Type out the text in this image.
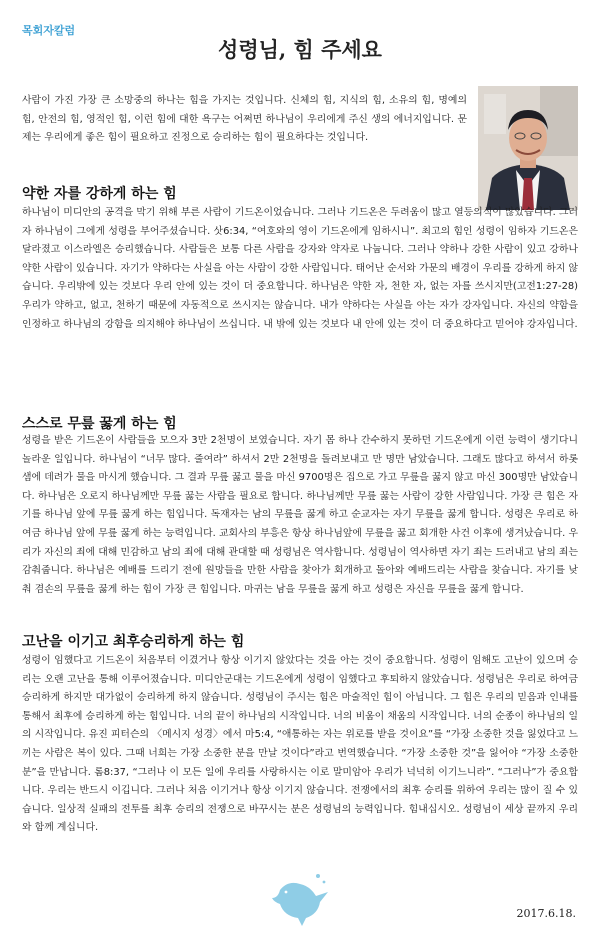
목회자칼럼
성령님, 힘 주세요

사람이 가진 가장 큰 소망중의 하나는 힘을 가지는 것입니다. 신체의 힘, 지식의 힘, 소유의 힘, 명예의 힘, 안전의 힘, 영적인 힘, 이런 힘에 대한 욕구는 어쩌면 하나님이 우리에게 주신 생의 에너지입니다. 문제는 우리에게 좋은 힘이 필요하고 진정으로 승리하는 힘이 필요하다는 것입니다.

약한 자를 강하게 하는 힘

하나님이 미디안의 공격을 막기 위해 부른 사람이 기드온이었습니다. 그러나 기드온은 두려움이 많고 열등의식이 많았습니다. 그러자 하나님이 그에게 성령을 부어주셨습니다. 삿6:34, “여호와의 영이 기드온에게 임하시니”. 최고의 힘인 성령이 임하자 기드온은 달라졌고 이스라엘은 승리했습니다. 사람들은 보통 다른 사람을 강자와 약자로 나눕니다. 그러나 약하나 강한 사람이 있고 강하나 약한 사람이 있습니다. 자기가 약하다는 사실을 아는 사람이 강한 사람입니다. 태어난 순서와 가문의 배경이 우리를 강하게 하지 않습니다. 우리밖에 있는 것보다 우리 안에 있는 것이 더 중요합니다. 하나님은 약한 자, 천한 자, 없는 자를 쓰시지만(고전1:27-28) 우리가 약하고, 없고, 천하기 때문에 자동적으로 쓰시지는 않습니다. 내가 약하다는 사실을 아는 자가 강자입니다. 자신의 약함을 인정하고 하나님의 강함을 의지해야 하나님이 쓰십니다. 내 밖에 있는 것보다 내 안에 있는 것이 더 중요하다고 믿어야 강자입니다.

스스로 무릎 꿇게 하는 힘

성령을 받은 기드온이 사람들을 모으자 3만 2천명이 보였습니다. 자기 몸 하나 간수하지 못하던 기드온에게 이런 능력이 생기다니 놀라운 일입니다. 하나님이 “너무 많다. 줄여라” 하셔서 2만 2천명을 돌려보내고 만 명만 남았습니다. 그래도 많다고 하셔서 하롯 샘에 데려가 물을 마시게 했습니다. 그 결과 무릎 꿇고 물을 마신 9700명은 집으로 가고 무릎을 꿇지 않고 마신 300명만 남았습니다. 하나님은 오로지 하나님께만 무릎 꿇는 사람을 필요로 합니다. 하나님께만 무릎 꿇는 사람이 강한 사람입니다. 가장 큰 힘은 자기를 하나님 앞에 무릎 꿇게 하는 힘입니다. 독재자는 남의 무릎을 꿇게 하고 순교자는 자기 무릎을 꿇게 합니다. 성령은 우리로 하여금 하나님 앞에 무릎 꿇게 하는 능력입니다. 교회사의 부흥은 항상 하나님앞에 무릎을 꿇고 회개한 사건 이후에 생겨났습니다. 우리가 자신의 죄에 대해 민감하고 남의 죄에 대해 관대할 때 성령님은 역사합니다. 성령님이 역사하면 자기 죄는 드러내고 남의 죄는 감춰줍니다. 하나님은 예배를 드리기 전에 원망들을 만한 사람을 찾아가 회개하고 돌아와 예배드리는 사람을 찾습니다. 자기를 낮춰 겸손의 무릎을 꿇게 하는 힘이 가장 큰 힘입니다. 마귀는 남을 무릎을 꿇게 하고 성령은 자신을 무릎을 꿇게 합니다.

고난을 이기고 최후승리하게 하는 힘

성령이 임했다고 기드온이 처음부터 이겼거나 항상 이기지 않았다는 것을 아는 것이 중요합니다. 성령이 임해도 고난이 있으며 승리는 오랜 고난을 통해 이루어졌습니다. 미디안군대는 기드온에게 성령이 임했다고 후퇴하지 않았습니다. 성령님은 우리로 하여금 승리하게 하지만 대가없이 승리하게 하지 않습니다. 성령님이 주시는 힘은 마술적인 힘이 아닙니다. 그 힘은 우리의 믿음과 인내를 통해서 최후에 승리하게 하는 힘입니다. 너의 끝이 하나님의 시작입니다. 너의 비움이 채움의 시작입니다. 너의 순종이 하나님의 일의 시작입니다. 유진 피터슨의 〈메시지 성경〉에서 마5:4, “애통하는 자는 위로를 받을 것이요”를 “가장 소중한 것을 잃었다고 느끼는 사람은 복이 있다. 그때 너희는 가장 소중한 분을 만날 것이다”라고 번역했습니다. “가장 소중한 것”을 잃어야 “가장 소중한 분”을 만납니다. 롬8:37, “그러나 이 모든 일에 우리를 사랑하시는 이로 말미암아 우리가 넉넉히 이기느니라”. “그러나”가 중요합니다. 우리는 반드시 이깁니다. 그러나 처음 이기거나 항상 이기지 않습니다. 전쟁에서의 최후 승리를 위하여 우리는 많이 질 수 있습니다. 일상적 실패의 전투를 최후 승리의 전쟁으로 바꾸시는 분은 성령님의 능력입니다. 힘내십시오. 성령님이 세상 끝까지 우리와 함께 계십니다.

2017.6.18.
